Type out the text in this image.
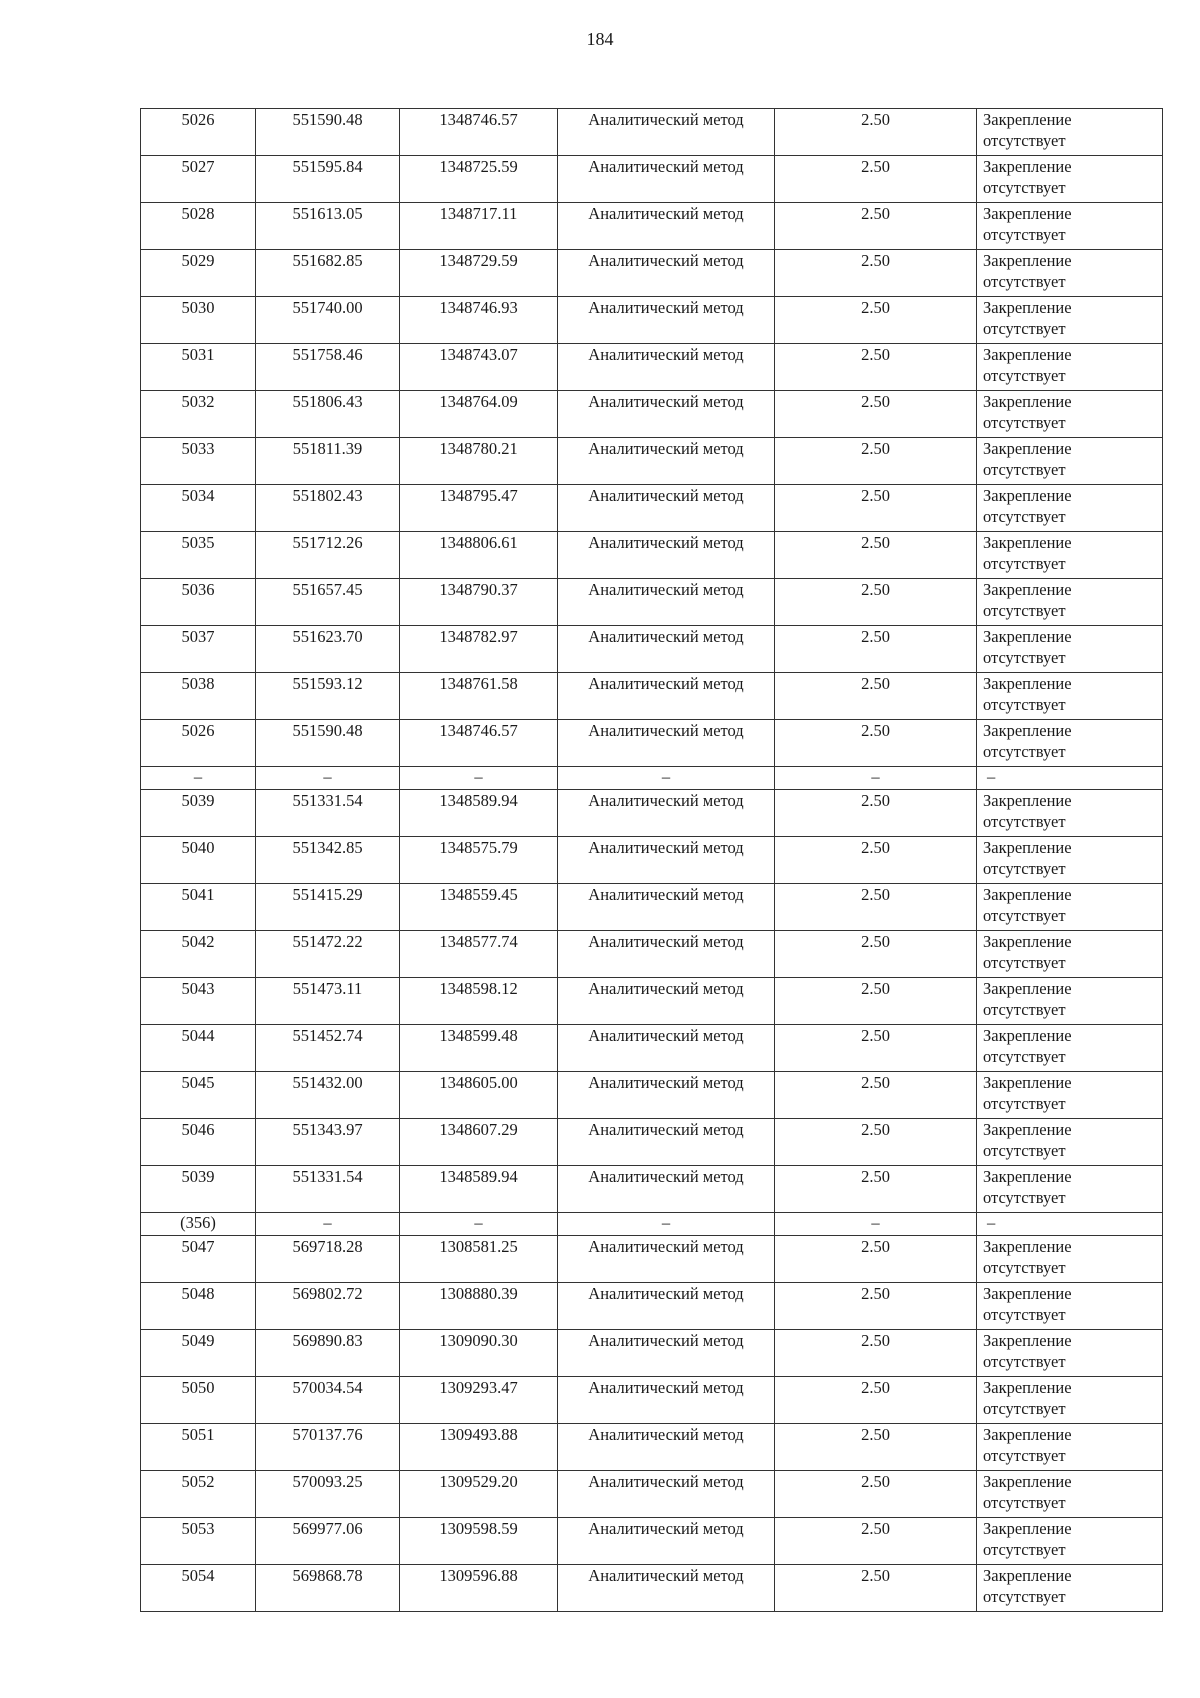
184
5026	551590.48	1348746.57	Аналитический метод	2.50	Закрепление
отсутствует

5027	551595.84	1348725.59	Аналитический метод	2.50	Закрепление
отсутствует

5028	551613.05	1348717.11	Аналитический метод	2.50	Закрепление
отсутствует

5029	551682.85	1348729.59	Аналитический метод	2.50	Закрепление
отсутствует

5030	551740.00	1348746.93	Аналитический метод	2.50	Закрепление
отсутствует

5031	551758.46	1348743.07	Аналитический метод	2.50	Закрепление
отсутствует

5032	551806.43	1348764.09	Аналитический метод	2.50	Закрепление
отсутствует

5033	551811.39	1348780.21	Аналитический метод	2.50	Закрепление
отсутствует

5034	551802.43	1348795.47	Аналитический метод	2.50	Закрепление
отсутствует

5035	551712.26	1348806.61	Аналитический метод	2.50	Закрепление
отсутствует

5036	551657.45	1348790.37	Аналитический метод	2.50	Закрепление
отсутствует

5037	551623.70	1348782.97	Аналитический метод	2.50	Закрепление
отсутствует

5038	551593.12	1348761.58	Аналитический метод	2.50	Закрепление
отсутствует

5026	551590.48	1348746.57	Аналитический метод	2.50	Закрепление
отсутствует

–	–	–	–	–	–

5039	551331.54	1348589.94	Аналитический метод	2.50	Закрепление
отсутствует

5040	551342.85	1348575.79	Аналитический метод	2.50	Закрепление
отсутствует

5041	551415.29	1348559.45	Аналитический метод	2.50	Закрепление
отсутствует

5042	551472.22	1348577.74	Аналитический метод	2.50	Закрепление
отсутствует

5043	551473.11	1348598.12	Аналитический метод	2.50	Закрепление
отсутствует

5044	551452.74	1348599.48	Аналитический метод	2.50	Закрепление
отсутствует

5045	551432.00	1348605.00	Аналитический метод	2.50	Закрепление
отсутствует

5046	551343.97	1348607.29	Аналитический метод	2.50	Закрепление
отсутствует

5039	551331.54	1348589.94	Аналитический метод	2.50	Закрепление
отсутствует

(356)	–	–	–	–	–

5047	569718.28	1308581.25	Аналитический метод	2.50	Закрепление
отсутствует

5048	569802.72	1308880.39	Аналитический метод	2.50	Закрепление
отсутствует

5049	569890.83	1309090.30	Аналитический метод	2.50	Закрепление
отсутствует

5050	570034.54	1309293.47	Аналитический метод	2.50	Закрепление
отсутствует

5051	570137.76	1309493.88	Аналитический метод	2.50	Закрепление
отсутствует

5052	570093.25	1309529.20	Аналитический метод	2.50	Закрепление
отсутствует

5053	569977.06	1309598.59	Аналитический метод	2.50	Закрепление
отсутствует

5054	569868.78	1309596.88	Аналитический метод	2.50	Закрепление
отсутствует
